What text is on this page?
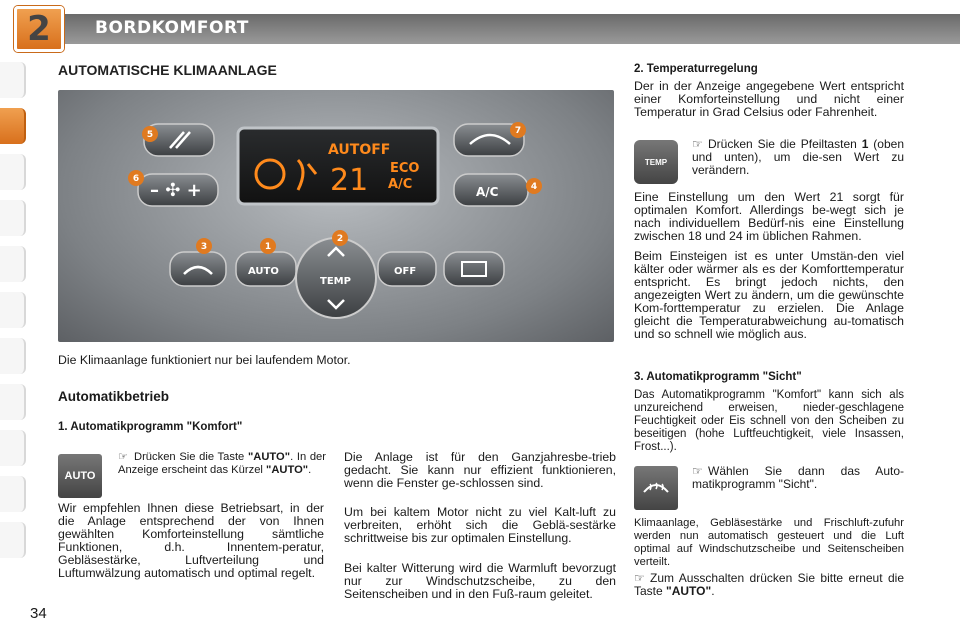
2	BORDKOMFORT
AUTOMATISCHE KLIMAANLAGE
AUTOFF
21 ECO
A/C
– ✣ +	A/C
AUTO
TEMP
OFF
5	7
6
4
3	1
2
Die Klimaanlage funktioniert nur bei laufendem Motor.
Automatikbetrieb
1. Automatikprogramm "Komfort"
AUTO
☞ Drücken Sie die Taste "AUTO". In der Anzeige erscheint das Kürzel "AUTO".
Wir empfehlen Ihnen diese Betriebsart, in der die Anlage entsprechend der von Ihnen gewählten Komforteinstellung sämtliche Funktionen, d.h. Innentem-peratur, Gebläsestärke, Luftverteilung und Luftumwälzung automatisch und optimal regelt.
Die Anlage ist für den Ganzjahresbe-trieb gedacht. Sie kann nur effizient funktionieren, wenn die Fenster ge-schlossen sind.
Um bei kaltem Motor nicht zu viel Kalt-luft zu verbreiten, erhöht sich die Geblä-sestärke schrittweise bis zur optimalen Einstellung.
Bei kalter Witterung wird die Warmluft bevorzugt nur zur Windschutzscheibe, zu den Seitenscheiben und in den Fuß-raum geleitet.
2. Temperaturregelung
Der in der Anzeige angegebene Wert entspricht einer Komforteinstellung und nicht einer Temperatur in Grad Celsius oder Fahrenheit.
TEMP
☞ Drücken Sie die Pfeiltasten 1 (oben und unten), um die-sen Wert zu verändern.
Eine Einstellung um den Wert 21 sorgt für optimalen Komfort. Allerdings be-wegt sich je nach individuellem Bedürf-nis eine Einstellung zwischen 18 und 24 im üblichen Rahmen.
Beim Einsteigen ist es unter Umstän-den viel kälter oder wärmer als es der Komforttemperatur entspricht. Es bringt jedoch nichts, den angezeigten Wert zu ändern, um die gewünschte Kom-forttemperatur zu erzielen. Die Anlage gleicht die Temperaturabweichung au-tomatisch und so schnell wie möglich aus.
3. Automatikprogramm "Sicht"
Das Automatikprogramm "Komfort" kann sich als unzureichend erweisen, nieder-geschlagene Feuchtigkeit oder Eis schnell von den Scheiben zu beseitigen (hohe Luftfeuchtigkeit, viele Insassen, Frost...).
☞ Wählen Sie dann das Auto-matikprogramm "Sicht".
Klimaanlage, Gebläsestärke und Frischluft-zufuhr werden nun automatisch gesteuert und die Luft optimal auf Windschutzscheibe und Seitenscheiben verteilt.
☞ Zum Ausschalten drücken Sie bitte erneut die Taste "AUTO".
34
